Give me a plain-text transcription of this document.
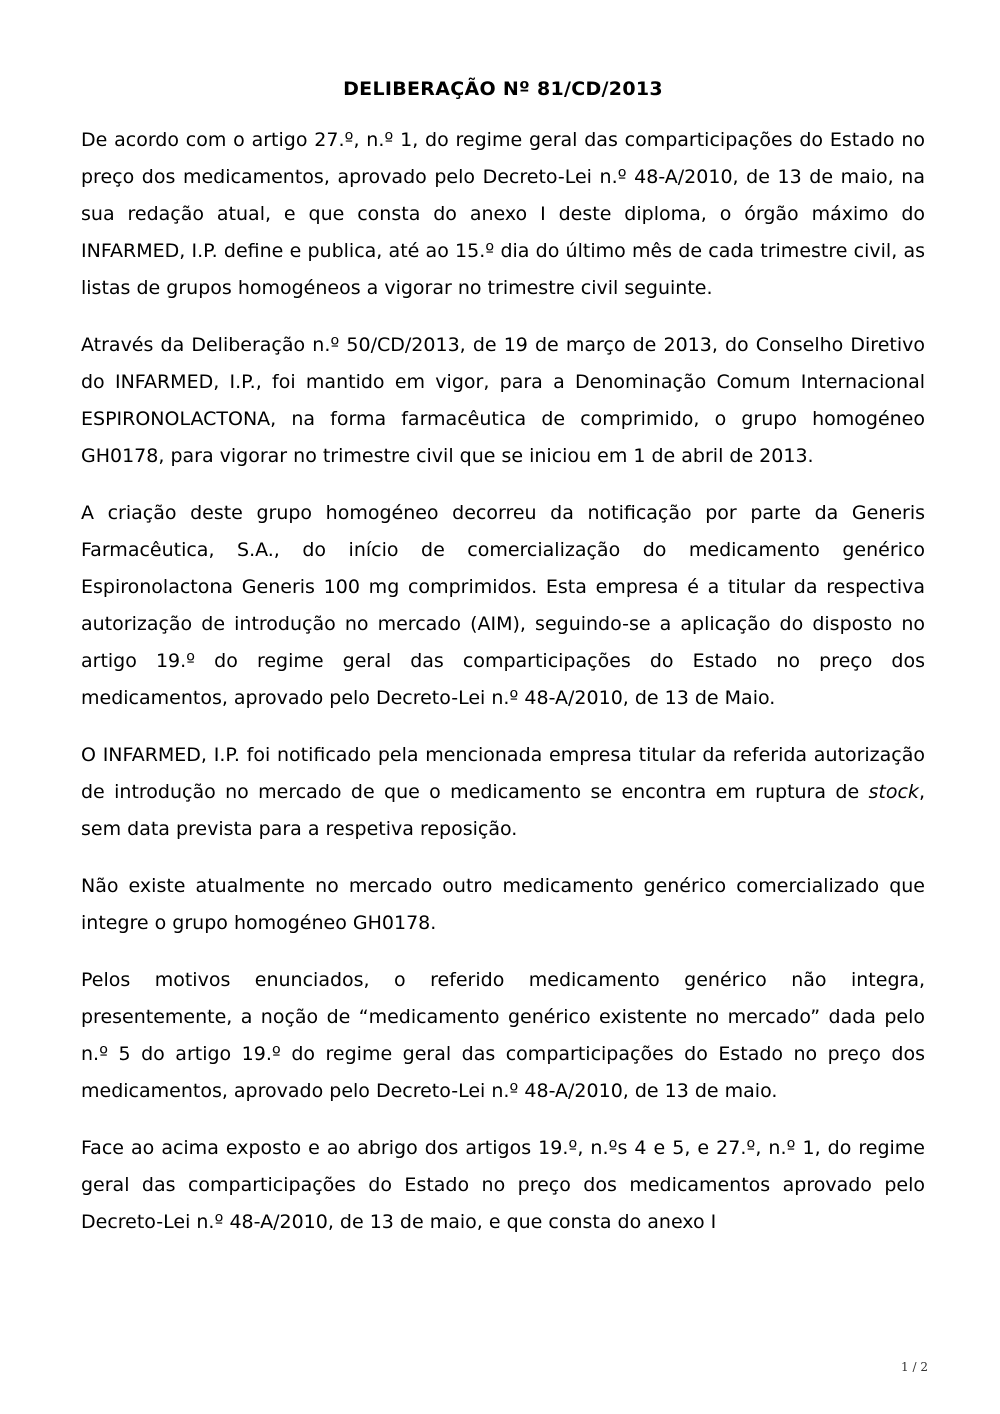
DELIBERAÇÃO Nº 81/CD/2013

De acordo com o artigo 27.º, n.º 1, do regime geral das comparticipações do Estado no preço dos medicamentos, aprovado pelo Decreto-Lei n.º 48-A/2010, de 13 de maio, na sua redação atual, e que consta do anexo I deste diploma, o órgão máximo do INFARMED, I.P. define e publica, até ao 15.º dia do último mês de cada trimestre civil, as listas de grupos homogéneos a vigorar no trimestre civil seguinte.

Através da Deliberação n.º 50/CD/2013, de 19 de março de 2013, do Conselho Diretivo do INFARMED, I.P., foi mantido em vigor, para a Denominação Comum Internacional ESPIRONOLACTONA, na forma farmacêutica de comprimido, o grupo homogéneo GH0178, para vigorar no trimestre civil que se iniciou em 1 de abril de 2013.

A criação deste grupo homogéneo decorreu da notificação por parte da Generis Farmacêutica, S.A., do início de comercialização do medicamento genérico Espironolactona Generis 100 mg comprimidos. Esta empresa é a titular da respectiva autorização de introdução no mercado (AIM), seguindo-se a aplicação do disposto no artigo 19.º do regime geral das comparticipações do Estado no preço dos medicamentos, aprovado pelo Decreto-Lei n.º 48-A/2010, de 13 de Maio.

O INFARMED, I.P. foi notificado pela mencionada empresa titular da referida autorização de introdução no mercado de que o medicamento se encontra em ruptura de stock, sem data prevista para a respetiva reposição.

Não existe atualmente no mercado outro medicamento genérico comercializado que integre o grupo homogéneo GH0178.

Pelos motivos enunciados, o referido medicamento genérico não integra, presentemente, a noção de “medicamento genérico existente no mercado” dada pelo n.º 5 do artigo 19.º do regime geral das comparticipações do Estado no preço dos medicamentos, aprovado pelo Decreto-Lei n.º 48-A/2010, de 13 de maio.

Face ao acima exposto e ao abrigo dos artigos 19.º, n.ºs 4 e 5, e 27.º, n.º 1, do regime geral das comparticipações do Estado no preço dos medicamentos aprovado pelo Decreto-Lei n.º 48-A/2010, de 13 de maio, e que consta do anexo I

1 / 2
